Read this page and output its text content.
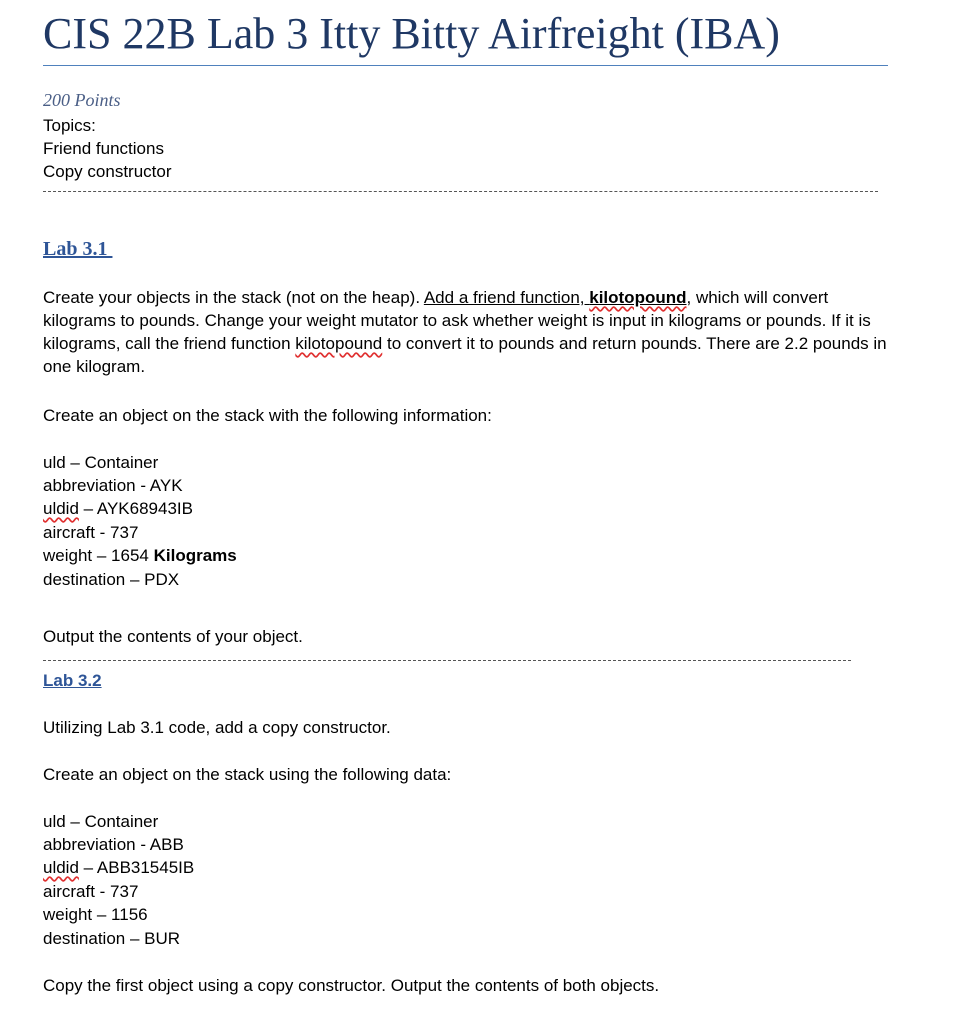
CIS 22B Lab 3 Itty Bitty Airfreight (IBA)
200 Points
Topics:
Friend functions
Copy constructor
Lab 3.1
Create your objects in the stack (not on the heap). Add a friend function, kilotopound, which will convert kilograms to pounds. Change your weight mutator to ask whether weight is input in kilograms or pounds. If it is kilograms, call the friend function kilotopound to convert it to pounds and return pounds. There are 2.2 pounds in one kilogram.
Create an object on the stack with the following information:
uld – Container
abbreviation - AYK
uldid – AYK68943IB
aircraft - 737
weight – 1654 Kilograms
destination – PDX
Output the contents of your object.
Lab 3.2
Utilizing Lab 3.1 code, add a copy constructor.
Create an object on the stack using the following data:
uld – Container
abbreviation - ABB
uldid – ABB31545IB
aircraft - 737
weight – 1156
destination – BUR
Copy the first object using a copy constructor. Output the contents of both objects.
